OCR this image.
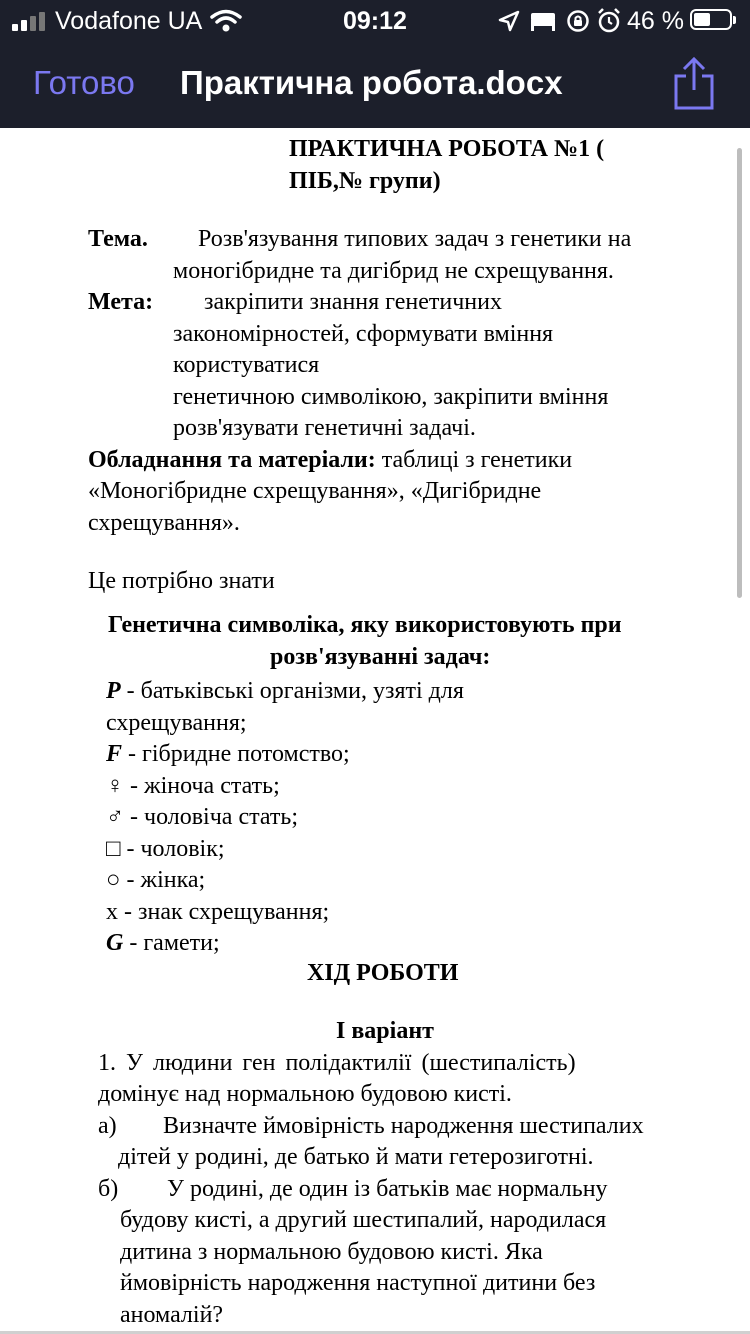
Vodafone UA	09:12	46 %
Готово Практична робота.docx
ПРАКТИЧНА РОБОТА №1 (
ПІБ,№ групи)
Тема. Розв'язування типових задач з генетики на
моногібридне та дигібрид не схрещування.
Мета: закріпити знання генетичних
закономірностей, сформувати вміння
користуватися
генетичною символікою, закріпити вміння
розв'язувати генетичні задачі.
Обладнання та матеріали: таблиці з генетики
«Моногібридне схрещування», «Дигібридне
схрещування».
Це потрібно знати
Генетична символіка, яку використовують при
розв'язуванні задач:
P - батьківські організми, узяті для
схрещування;
F - гібридне потомство;
♀ - жіноча стать;
♂ - чоловіча стать;
□ - чоловік;
○ - жінка;
х - знак схрещування;
G - гамети;
ХІД РОБОТИ
І варіант
1. У людини ген полідактилії (шестипалість)
домінує над нормальною будовою кисті.
а) Визначте ймовірність народження шестипалих
дітей у родині, де батько й мати гетерозиготні.
б) У родині, де один із батьків має нормальну
будову кисті, а другий шестипалий, народилася
дитина з нормальною будовою кисті. Яка
ймовірність народження наступної дитини без
аномалій?
